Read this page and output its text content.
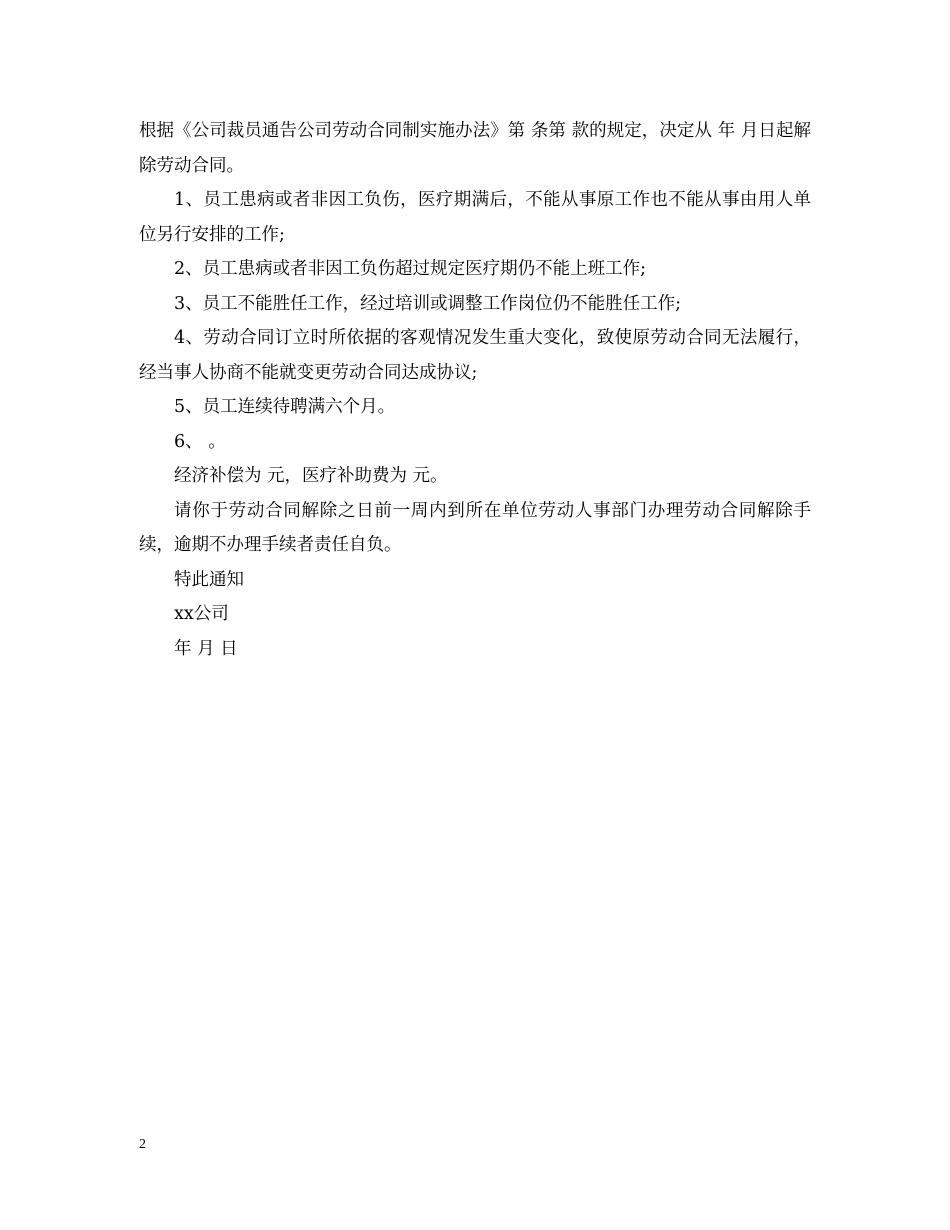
根据《公司裁员通告公司劳动合同制实施办法》第 条第 款的规定，决定从 年 月日起解除劳动合同。

1、员工患病或者非因工负伤，医疗期满后，不能从事原工作也不能从事由用人单位另行安排的工作;

2、员工患病或者非因工负伤超过规定医疗期仍不能上班工作;

3、员工不能胜任工作，经过培训或调整工作岗位仍不能胜任工作;

4、劳动合同订立时所依据的客观情况发生重大变化，致使原劳动合同无法履行，经当事人协商不能就变更劳动合同达成协议;

5、员工连续待聘满六个月。

6、 。

经济补偿为 元，医疗补助费为 元。

请你于劳动合同解除之日前一周内到所在单位劳动人事部门办理劳动合同解除手续，逾期不办理手续者责任自负。

特此通知

xx公司

年 月 日

2
